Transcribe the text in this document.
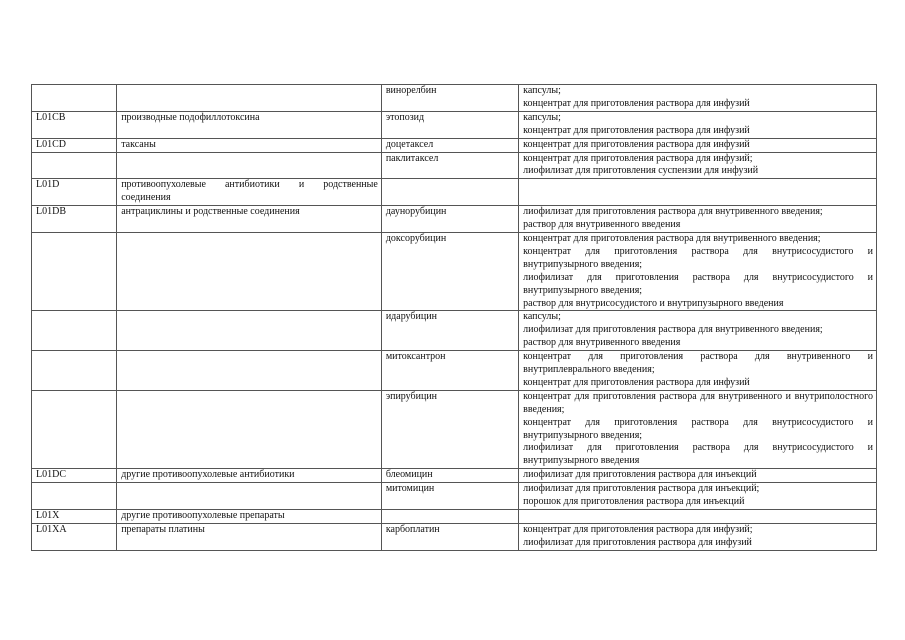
		винорелбин	капсулы;
концентрат для приготовления раствора для инфузий

L01CB	производные подофиллотоксина	этопозид	капсулы;
концентрат для приготовления раствора для инфузий

L01CD	таксаны	доцетаксел	концентрат для приготовления раствора для инфузий

		паклитаксел	концентрат для приготовления раствора для инфузий;
лиофилизат для приготовления суспензии для инфузий

L01D	противоопухолевые антибиотики и родственные соединения		
L01DB	антрациклины и родственные соединения	даунорубицин	лиофилизат для приготовления раствора для внутривенного введения;
раствор для внутривенного введения

		доксорубицин	концентрат для приготовления раствора для внутривенного введения;
концентрат для приготовления раствора для внутрисосудистого и внутрипузырного введения;
лиофилизат для приготовления раствора для внутрисосудистого и внутрипузырного введения;
раствор для внутрисосудистого и внутрипузырного введения

		идарубицин	капсулы;
лиофилизат для приготовления раствора для внутривенного введения;
раствор для внутривенного введения

		митоксантрон	концентрат для приготовления раствора для внутривенного и внутриплеврального введения;
концентрат для приготовления раствора для инфузий

		эпирубицин	концентрат для приготовления раствора для внутривенного и внутриполостного введения;
концентрат для приготовления раствора для внутрисосудистого и внутрипузырного введения;
лиофилизат для приготовления раствора для внутрисосудистого и внутрипузырного введения

L01DC	другие противоопухолевые антибиотики	блеомицин	лиофилизат для приготовления раствора для инъекций

		митомицин	лиофилизат для приготовления раствора для инъекций;
порошок для приготовления раствора для инъекций

L01X	другие противоопухолевые препараты		
L01XA	препараты платины	карбоплатин	концентрат для приготовления раствора для инфузий;
лиофилизат для приготовления раствора для инфузий
